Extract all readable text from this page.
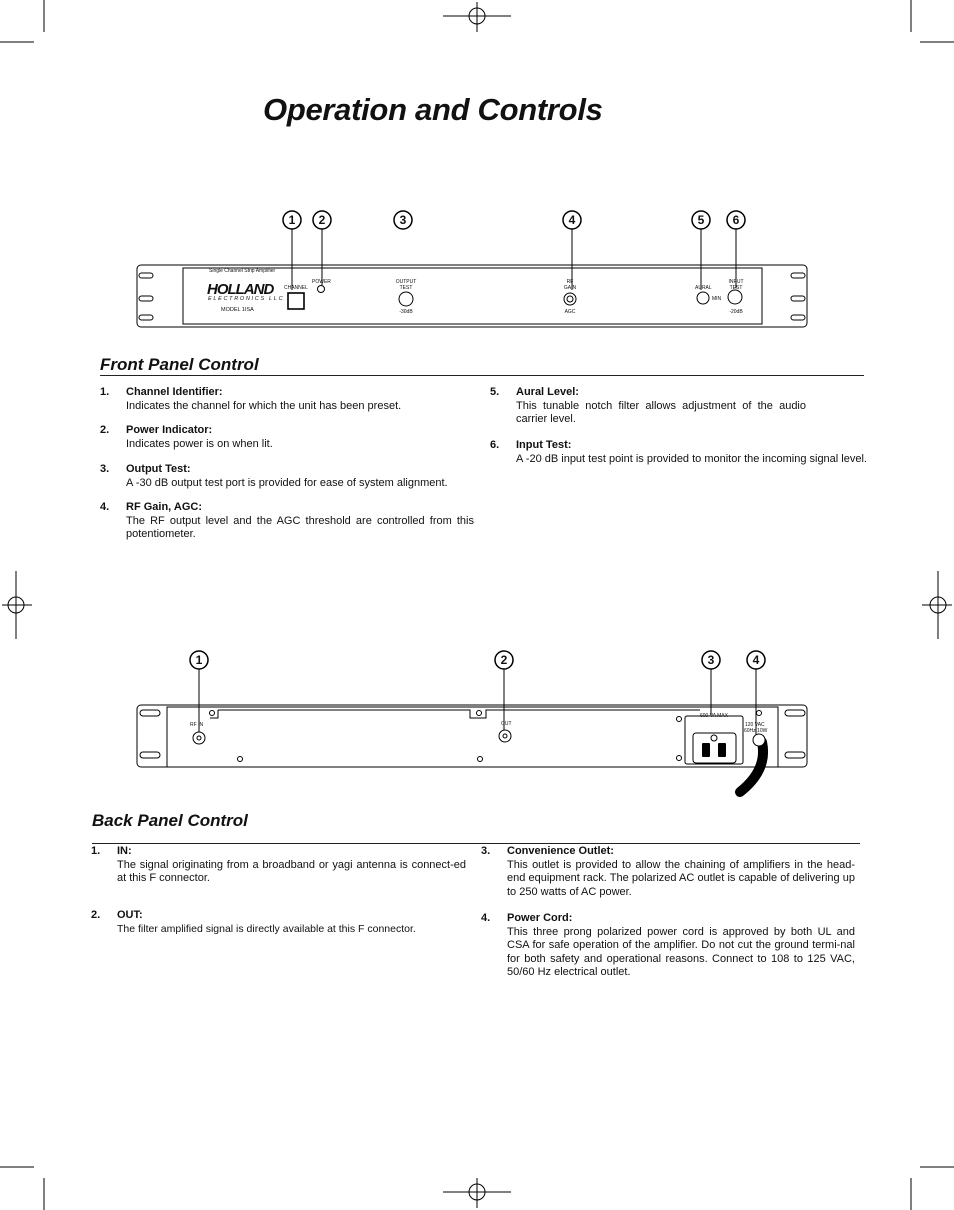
Operation and Controls
1	2	3	4	5	6
Single Channel Strip Amplifier
HOLLAND
ELECTRONICS LLC
MODEL 1ISA
CHANNEL
POWER	OUTPUT
TEST
-30dB
RF
GAIN
AGC
AURAL
MIN
INPUT
TEST
-20dB
Front Panel Control
1. Channel Identifier:
Indicates the channel for which the unit has been preset.
2. Power Indicator:
Indicates power is on when lit.
3. Output Test:
A -30 dB output test port is provided for ease of system alignment.
4. RF Gain, AGC:
The RF output level and the AGC threshold are controlled from this potentiometer.
5. Aural Level:
This tunable notch filter allows adjustment of the audio carrier level.
6. Input Test:
A -20 dB input test point is provided to monitor the incoming signal level.
1	2	3	4
RF IN	OUT
600 VA MAX
120 VAC
60Hz 10W
Back Panel Control
1. IN:
The signal originating from a broadband or yagi antenna is connect-ed at this F connector.
2. OUT:
The filter amplified signal is directly available at this F connector.
3. Convenience Outlet:
This outlet is provided to allow the chaining of amplifiers in the head-end equipment rack. The polarized AC outlet is capable of delivering up to 250 watts of AC power.
4. Power Cord:
This three prong polarized power cord is approved by both UL and CSA for safe operation of the amplifier. Do not cut the ground termi-nal for both safety and operational reasons. Connect to 108 to 125 VAC, 50/60 Hz electrical outlet.
